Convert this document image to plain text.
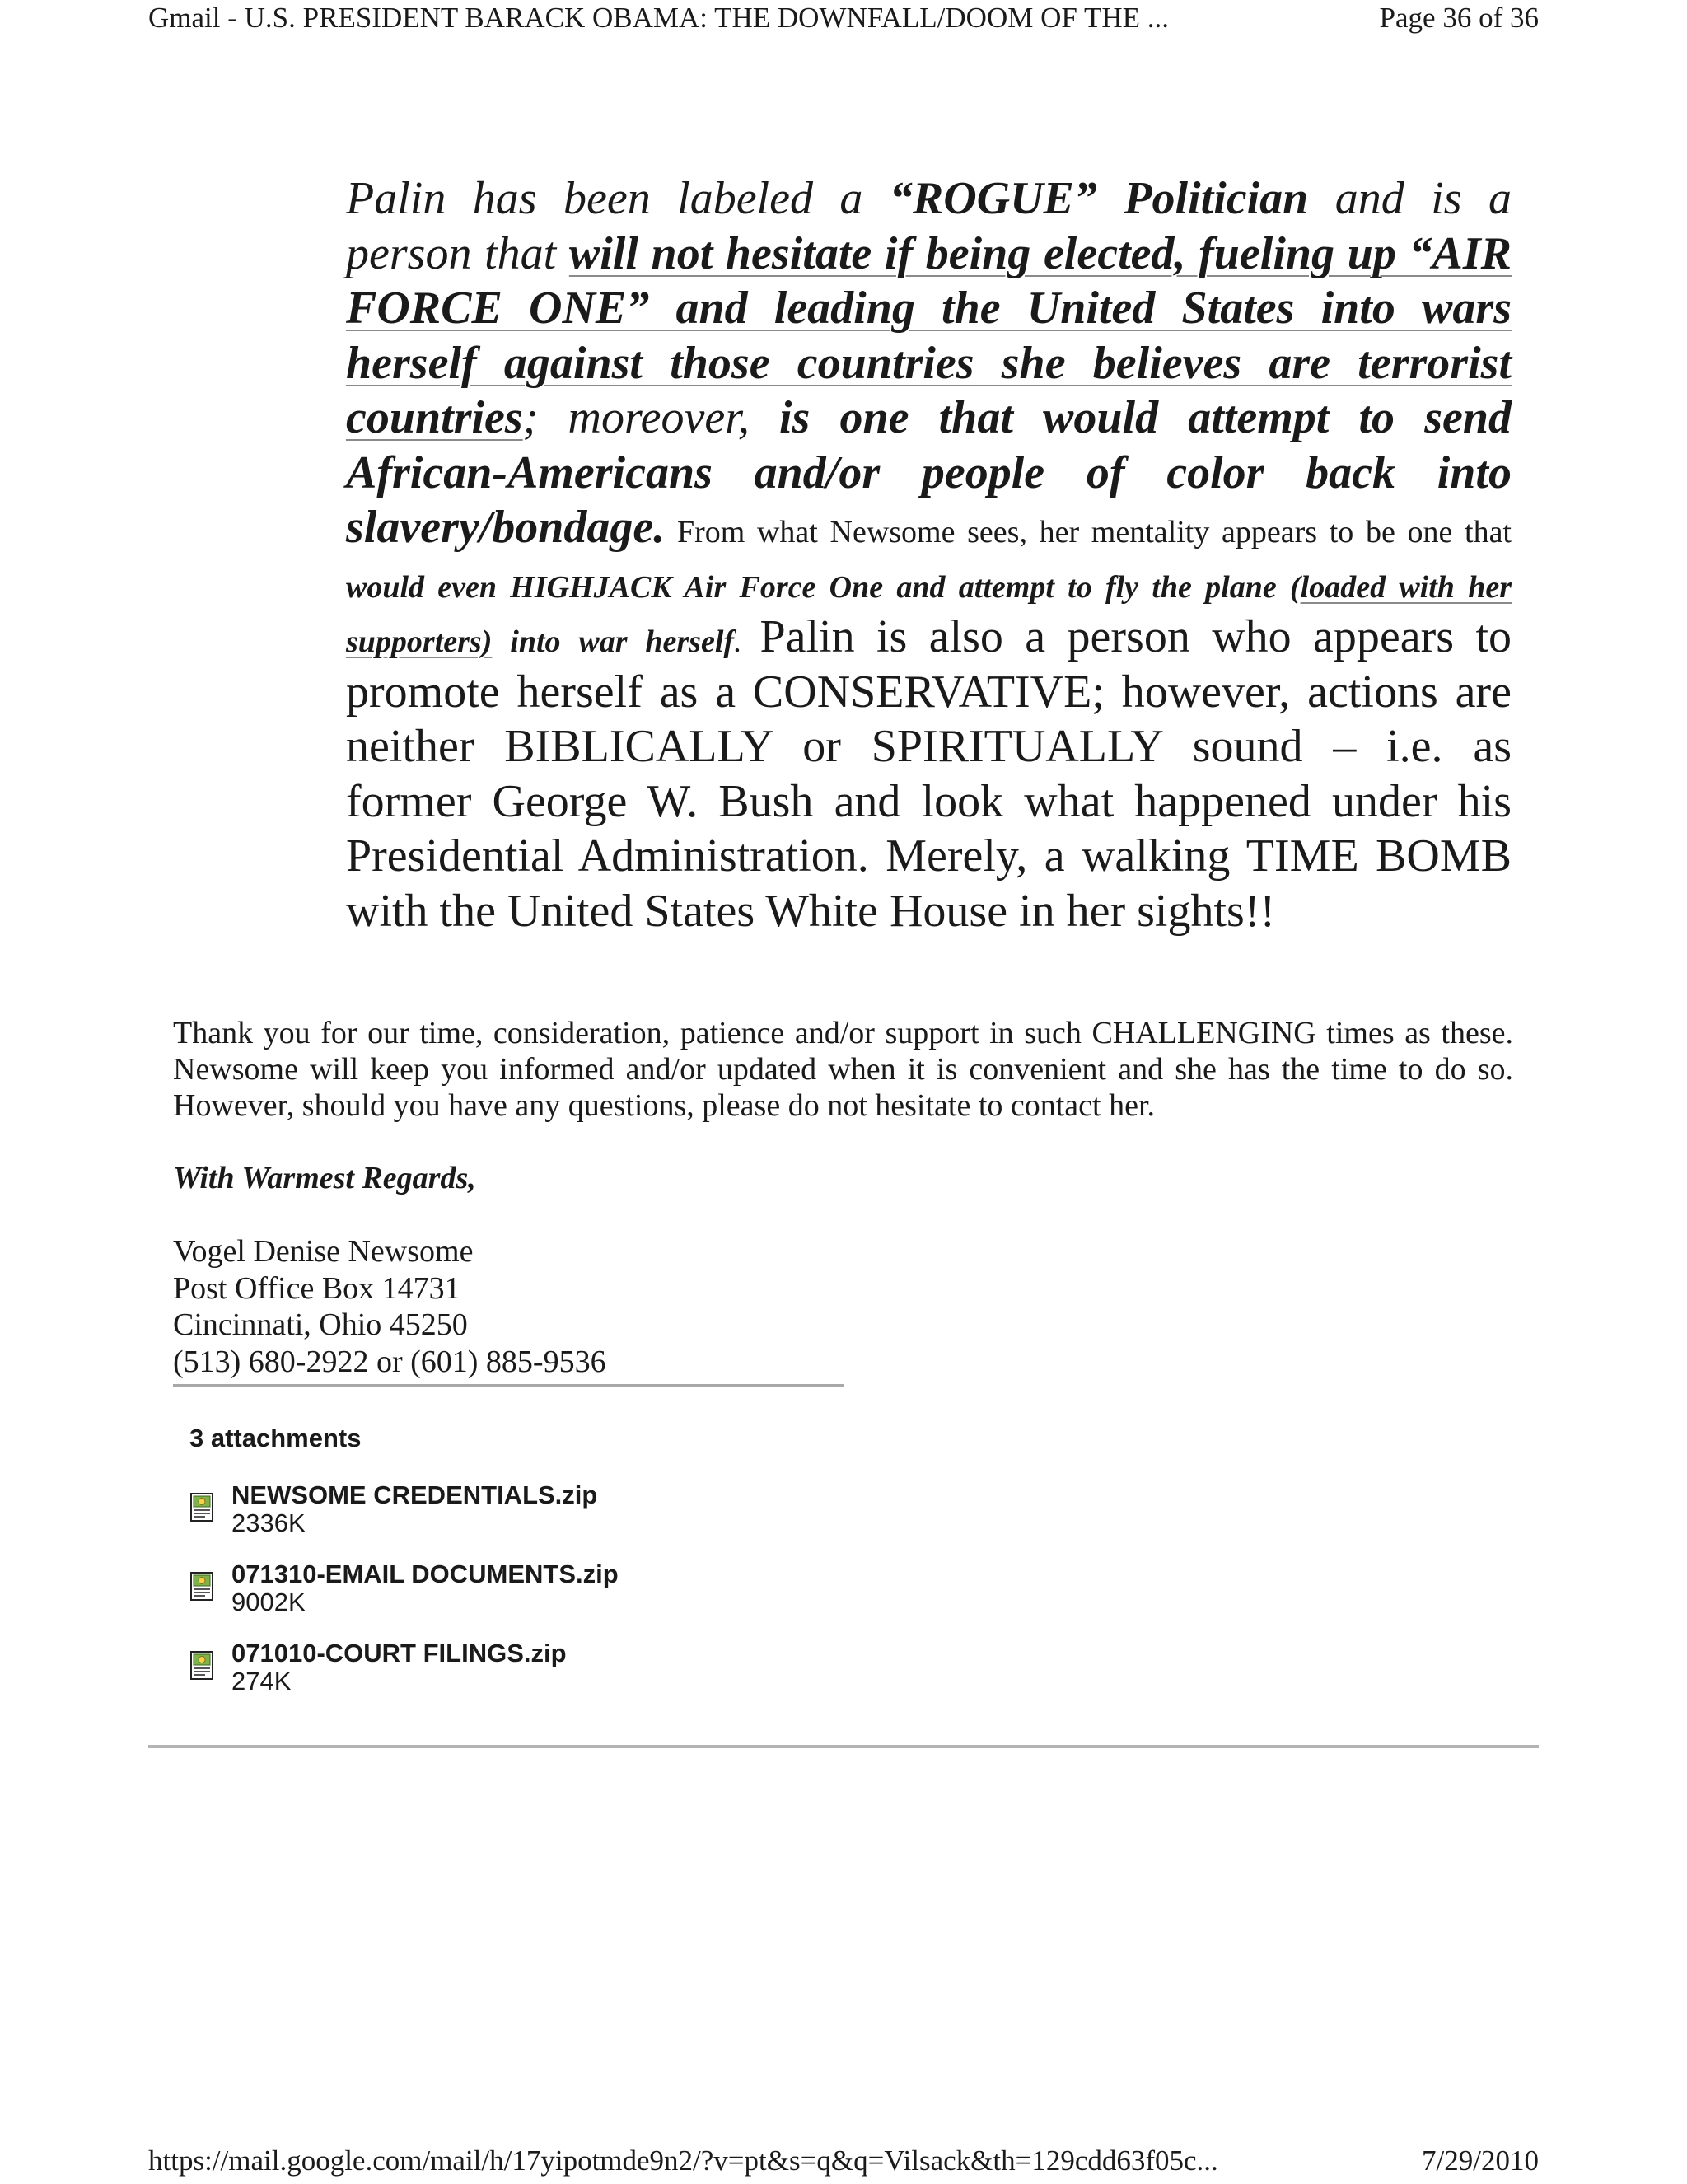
Gmail - U.S. PRESIDENT BARACK OBAMA: THE DOWNFALL/DOOM OF THE ...	Page 36 of 36

Palin has been labeled a “ROGUE” Politician and is a person that will not hesitate if being elected, fueling up “AIR FORCE ONE” and leading the United States into wars herself against those countries she believes are terrorist countries; moreover, is one that would attempt to send African-Americans and/or people of color back into slavery/bondage. From what Newsome sees, her mentality appears to be one that would even HIGHJACK Air Force One and attempt to fly the plane (loaded with her supporters) into war herself. Palin is also a person who appears to promote herself as a CONSERVATIVE; however, actions are neither BIBLICALLY or SPIRITUALLY sound – i.e. as former George W. Bush and look what happened under his Presidential Administration. Merely, a walking TIME BOMB with the United States White House in her sights!!

Thank you for our time, consideration, patience and/or support in such CHALLENGING times as these. Newsome will keep you informed and/or updated when it is convenient and she has the time to do so. However, should you have any questions, please do not hesitate to contact her.

With Warmest Regards,

Vogel Denise Newsome
Post Office Box 14731
Cincinnati, Ohio 45250
(513) 680-2922 or (601) 885-9536
3 attachments
NEWSOME CREDENTIALS.zip
2336K
071310-EMAIL DOCUMENTS.zip
9002K
071010-COURT FILINGS.zip
274K
https://mail.google.com/mail/h/17yipotmde9n2/?v=pt&s=q&q=Vilsack&th=129cdd63f05c...	7/29/2010
